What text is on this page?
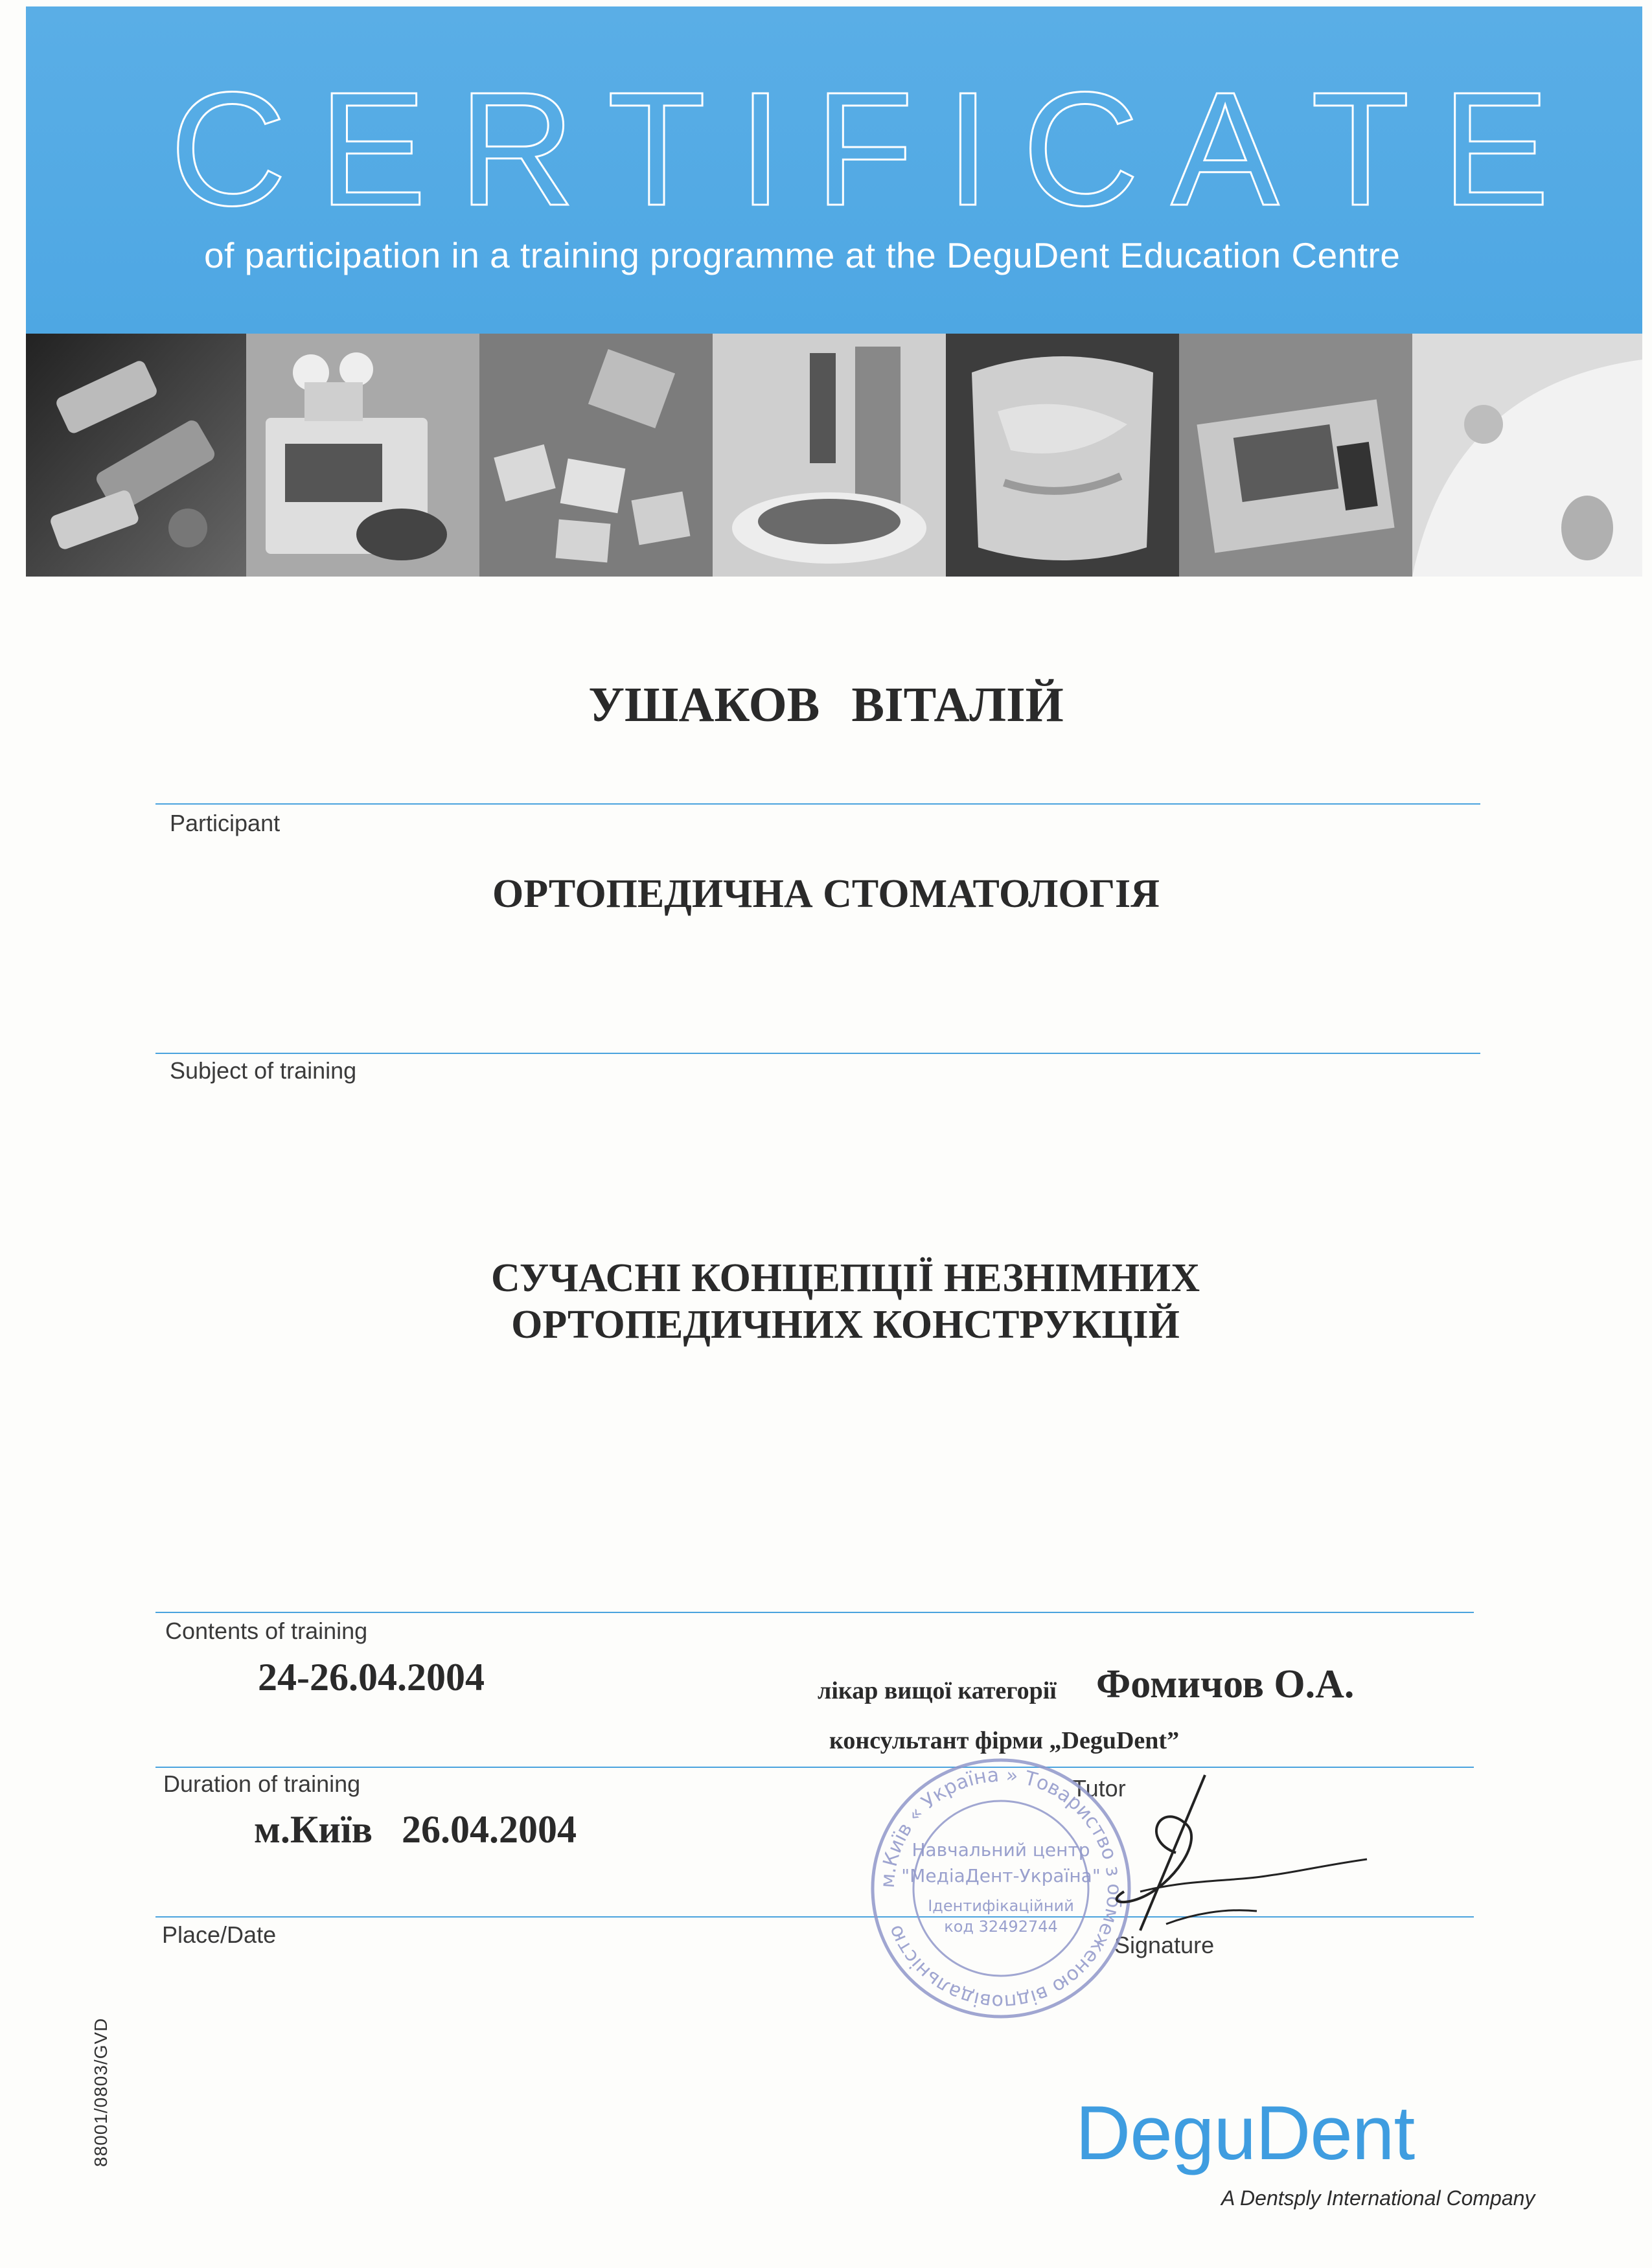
C E R T I F I C A T E
of participation in a training programme at the DeguDent Education Centre
УШАКОВ ВІТАЛІЙ
Participant
ОРТОПЕДИЧНА СТОМАТОЛОГІЯ
Subject of training
СУЧАСНІ КОНЦЕПЦІЇ НЕЗНІМНИХ
ОРТОПЕДИЧНИХ КОНСТРУКЦІЙ
Contents of training
24-26.04.2004
Duration of training
м.Київ   26.04.2004
Place/Date
лікар вищої категорії Фомичов О.А.
консультант фірми „DeguDent”
Tutor
Signature
м.Київ « Україна » Товариство з обмеженою відповідальністю
Навчальний центр
"МедіаДент-Україна"
Ідентифікаційний
код 32492744
88001/0803/GVD	DeguDent
A Dentsply International Company
